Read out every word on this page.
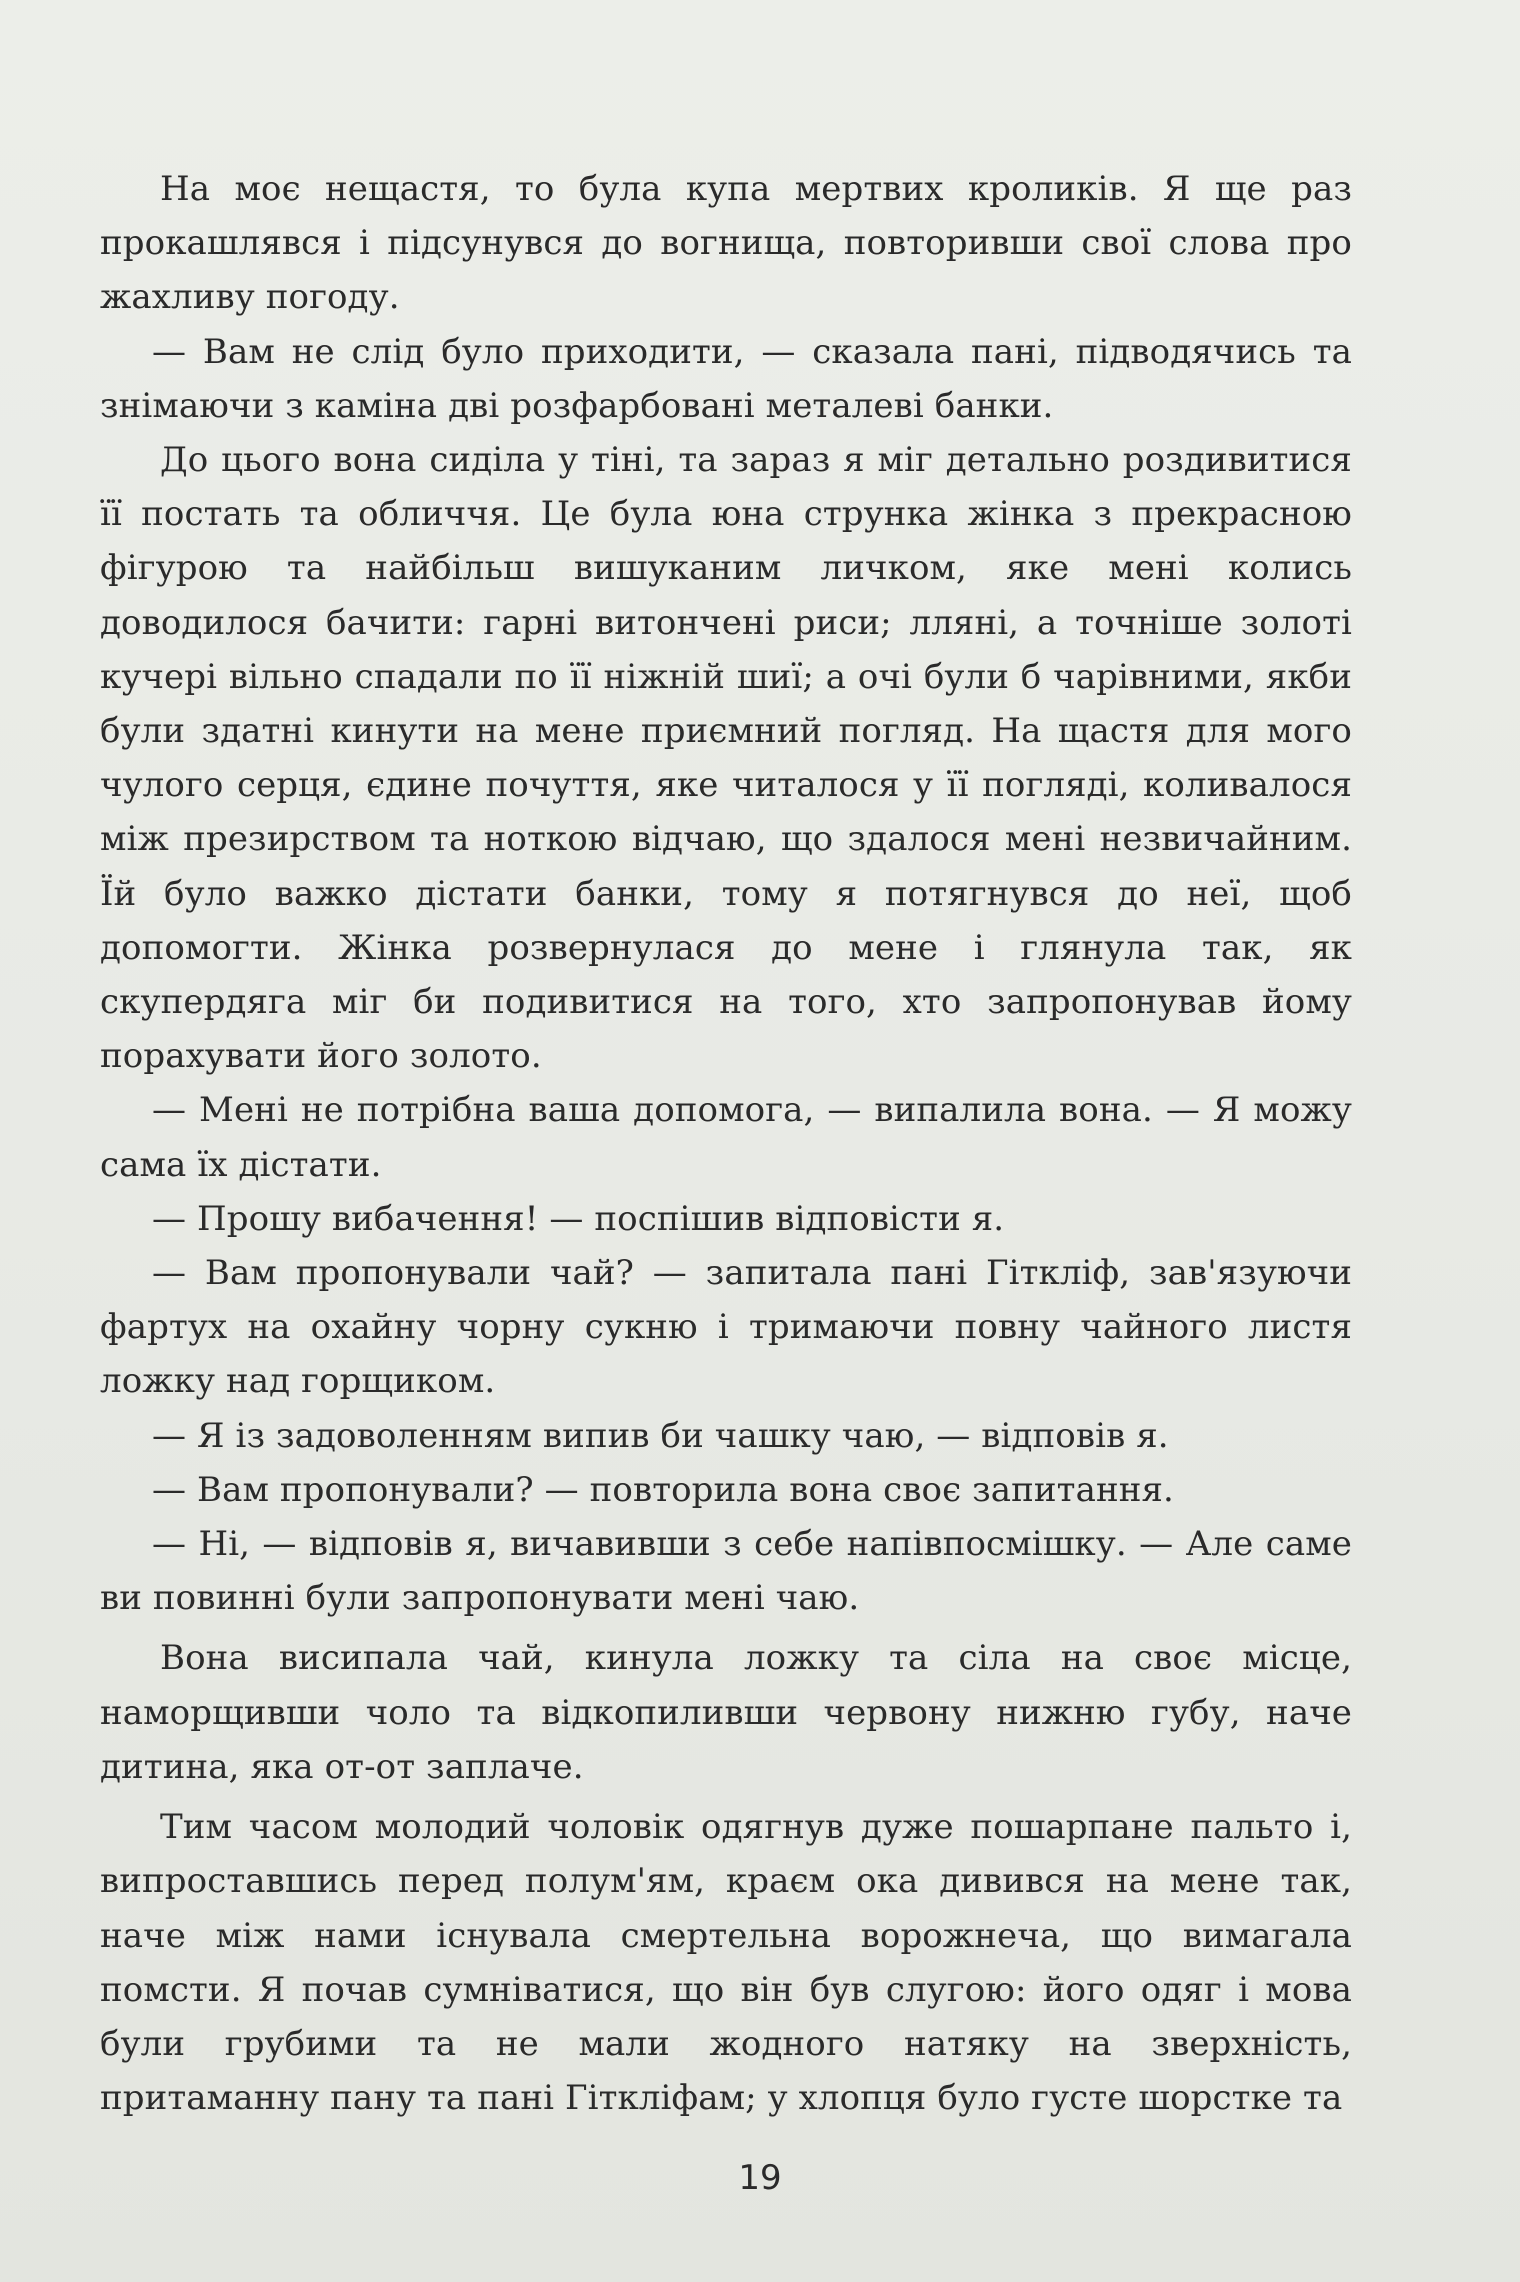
На моє нещастя, то була купа мертвих кроликів. Я ще раз прокашлявся і підсунувся до вогнища, повторивши свої слова про жахливу погоду.

— Вам не слід було приходити, — сказала пані, підводячись та знімаючи з каміна дві розфарбовані металеві банки.

До цього вона сиділа у тіні, та зараз я міг детально роздивитися її постать та обличчя. Це була юна струнка жінка з прекрасною фігурою та найбільш вишуканим личком, яке мені колись доводилося бачити: гарні витончені риси; лляні, а точніше золоті кучері вільно спадали по її ніжній шиї; а очі були б чарівними, якби були здатні кинути на мене приємний погляд. На щастя для мого чулого серця, єдине почуття, яке читалося у її погляді, коливалося між презирством та ноткою відчаю, що здалося мені незвичайним. Їй було важко дістати банки, тому я потягнувся до неї, щоб допомогти. Жінка розвернулася до мене і глянула так, як скупердяга міг би подивитися на того, хто запропонував йому порахувати його золото.

— Мені не потрібна ваша допомога, — випалила вона. — Я можу сама їх дістати.

— Прошу вибачення! — поспішив відповісти я.

— Вам пропонували чай? — запитала пані Гіткліф, зав'язуючи фартух на охайну чорну сукню і тримаючи повну чайного листя ложку над горщиком.

— Я із задоволенням випив би чашку чаю, — відповів я.

— Вам пропонували? — повторила вона своє запитання.

— Ні, — відповів я, вичавивши з себе напівпосмішку. — Але саме ви повинні були запропонувати мені чаю.

Вона висипала чай, кинула ложку та сіла на своє місце, наморщивши чоло та відкопиливши червону нижню губу, наче дитина, яка от-от заплаче.

Тим часом молодий чоловік одягнув дуже пошарпане пальто і, випроставшись перед полум'ям, краєм ока дивився на мене так, наче між нами існувала смертельна ворожнеча, що вимагала помсти. Я почав сумніватися, що він був слугою: його одяг і мова були грубими та не мали жодного натяку на зверхність, притаманну пану та пані Гіткліфам; у хлопця було густе шорстке та

19
